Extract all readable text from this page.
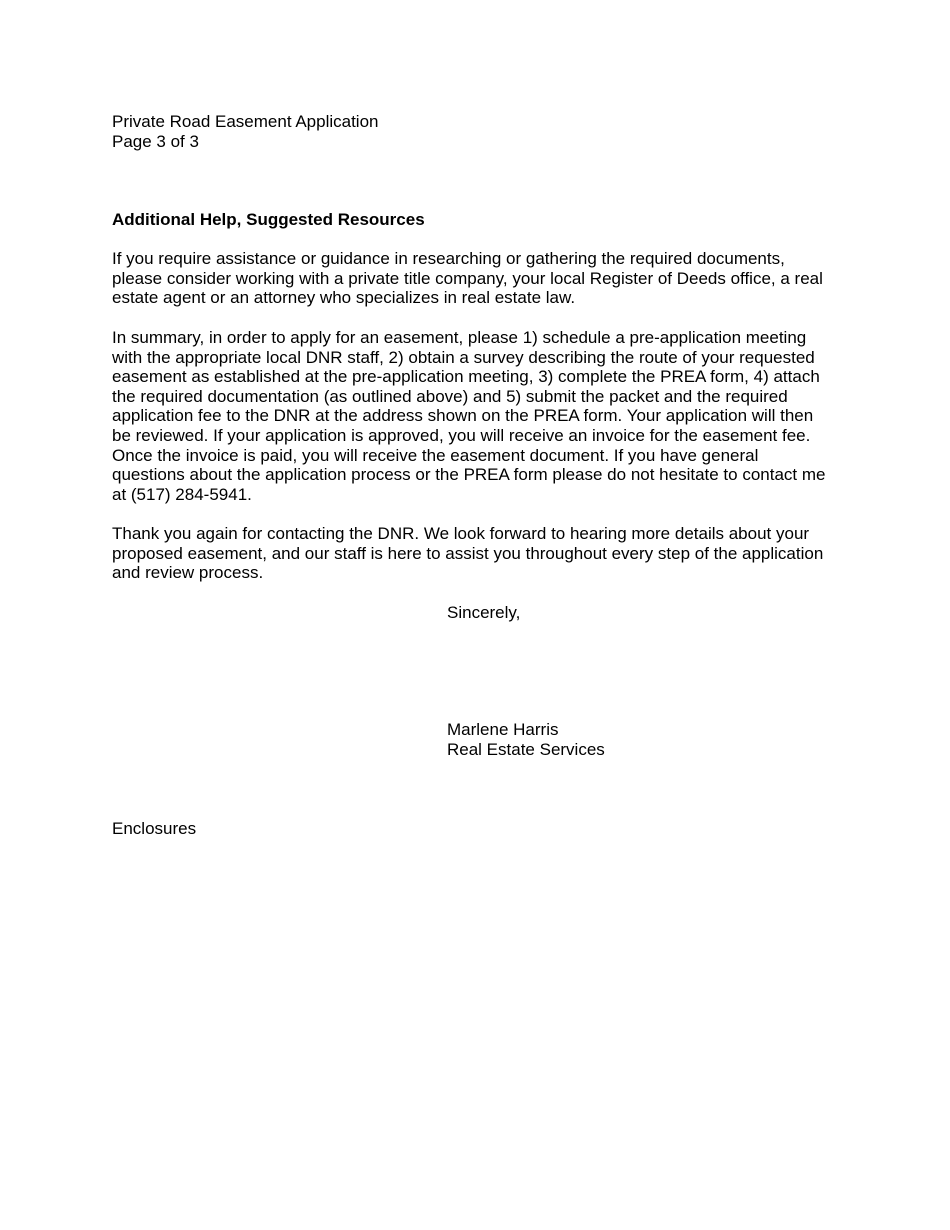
Private Road Easement Application
Page 3 of 3
Additional Help, Suggested Resources
If you require assistance or guidance in researching or gathering the required documents,
please consider working with a private title company, your local Register of Deeds office, a real
estate agent or an attorney who specializes in real estate law.
In summary, in order to apply for an easement, please 1) schedule a pre-application meeting
with the appropriate local DNR staff, 2) obtain a survey describing the route of your requested
easement as established at the pre-application meeting, 3) complete the PREA form, 4) attach
the required documentation (as outlined above) and 5) submit the packet and the required
application fee to the DNR at the address shown on the PREA form. Your application will then
be reviewed. If your application is approved, you will receive an invoice for the easement fee.
Once the invoice is paid, you will receive the easement document. If you have general
questions about the application process or the PREA form please do not hesitate to contact me
at (517) 284-5941.
Thank you again for contacting the DNR. We look forward to hearing more details about your
proposed easement, and our staff is here to assist you throughout every step of the application
and review process.
Sincerely,
Marlene Harris
Real Estate Services
Enclosures
